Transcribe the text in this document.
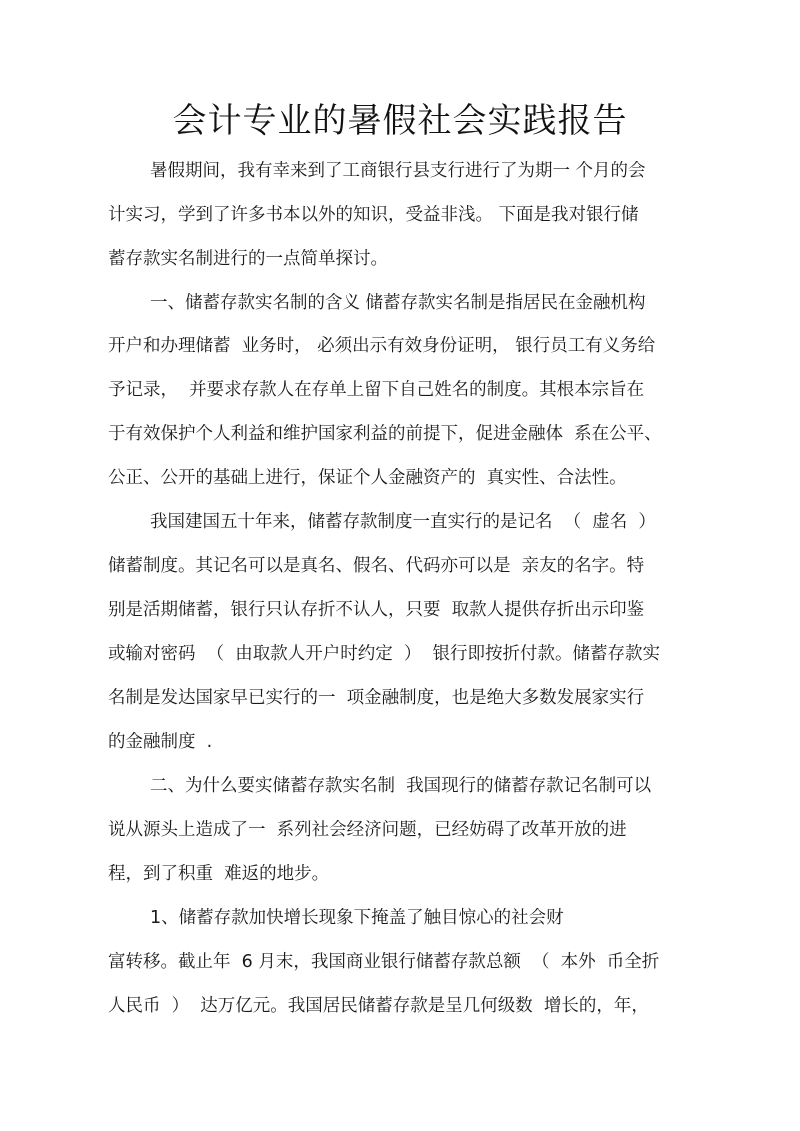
会计专业的暑假社会实践报告
暑假期间，我有幸来到了工商银行县支行进行了为期一 个月的会
计实习，学到了许多书本以外的知识，受益非浅。 下面是我对银行储
蓄存款实名制进行的一点简单探讨。
一、储蓄存款实名制的含义 储蓄存款实名制是指居民在金融机构
开户和办理储蓄  业务时， 必须出示有效身份证明， 银行员工有义务给
予记录，  并要求存款人在存单上留下自己姓名的制度。其根本宗旨在
于有效保护个人利益和维护国家利益的前提下，促进金融体  系在公平、
公正、公开的基础上进行，保证个人金融资产的  真实性、合法性。
我国建国五十年来，储蓄存款制度一直实行的是记名  （  虚名  ）
储蓄制度。其记名可以是真名、假名、代码亦可以是  亲友的名字。特
别是活期储蓄，银行只认存折不认人，只要  取款人提供存折出示印鉴
或输对密码  （  由取款人开户时约定  ）  银行即按折付款。储蓄存款实
名制是发达国家早已实行的一  项金融制度，也是绝大多数发展家实行
的金融制度  .
二、为什么要实储蓄存款实名制  我国现行的储蓄存款记名制可以
说从源头上造成了一  系列社会经济问题，已经妨碍了改革开放的进
程，到了积重  难返的地步。
1、储蓄存款加快增长现象下掩盖了触目惊心的社会财
富转移。截止年  6 月末，我国商业银行储蓄存款总额  （  本外  币全折
人民币  ）  达万亿元。我国居民储蓄存款是呈几何级数  增长的，年，
